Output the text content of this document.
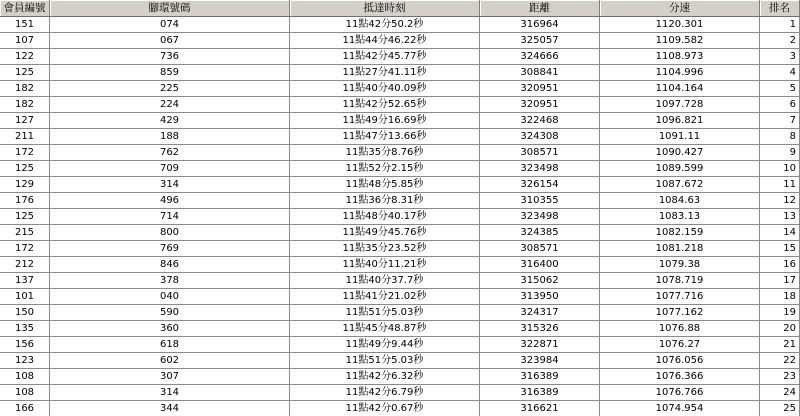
會員編號	腳環號碼	抵達時刻	距離	分速	排名
151	074	11點42分50.2秒	316964	1120.301	1
107	067	11點44分46.22秒	325057	1109.582	2
122	736	11點42分45.77秒	324666	1108.973	3
125	859	11點27分41.11秒	308841	1104.996	4
182	225	11點40分40.09秒	320951	1104.164	5
182	224	11點42分52.65秒	320951	1097.728	6
127	429	11點49分16.69秒	322468	1096.821	7
211	188	11點47分13.66秒	324308	1091.11	8
172	762	11點35分8.76秒	308571	1090.427	9
125	709	11點52分2.15秒	323498	1089.599	10
129	314	11點48分5.85秒	326154	1087.672	11
176	496	11點36分8.31秒	310355	1084.63	12
125	714	11點48分40.17秒	323498	1083.13	13
215	800	11點49分45.76秒	324385	1082.159	14
172	769	11點35分23.52秒	308571	1081.218	15
212	846	11點40分11.21秒	316400	1079.38	16
137	378	11點40分37.7秒	315062	1078.719	17
101	040	11點41分21.02秒	313950	1077.716	18
150	590	11點51分5.03秒	324317	1077.162	19
135	360	11點45分48.87秒	315326	1076.88	20
156	618	11點49分9.44秒	322871	1076.27	21
123	602	11點51分5.03秒	323984	1076.056	22
108	307	11點42分6.32秒	316389	1076.366	23
108	314	11點42分6.79秒	316389	1076.766	24
166	344	11點42分0.67秒	316621	1074.954	25
